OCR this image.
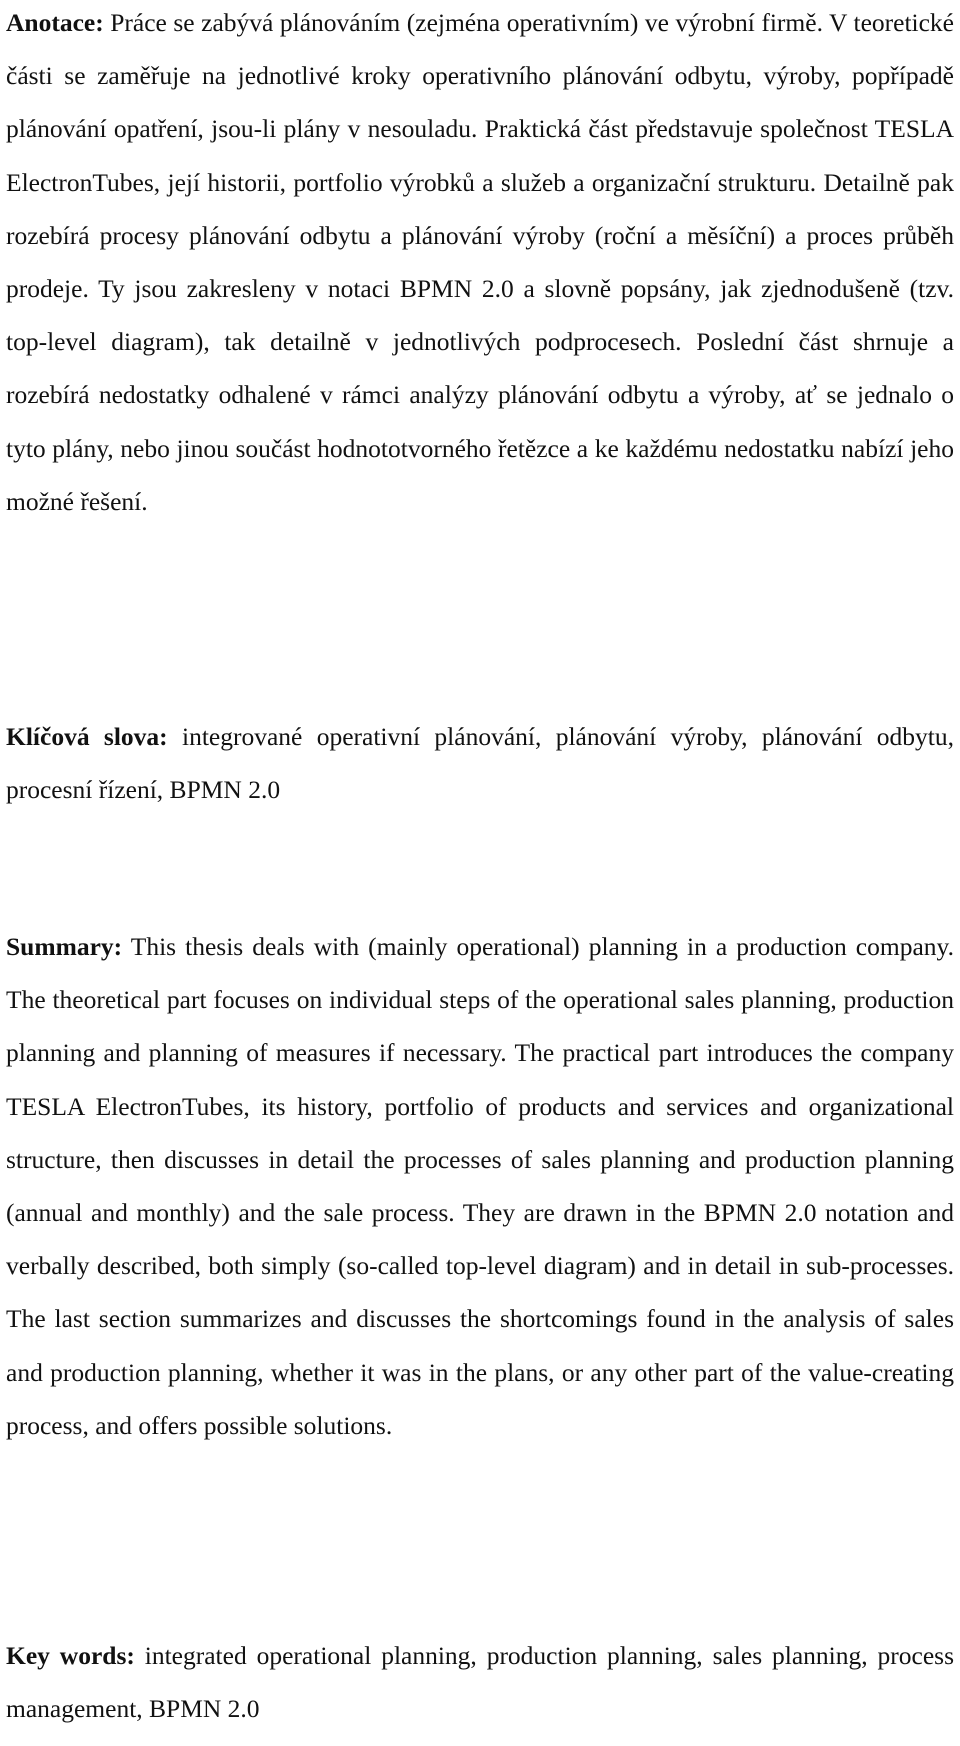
Anotace: Práce se zabývá plánováním (zejména operativním) ve výrobní firmě. V teoretické části se zaměřuje na jednotlivé kroky operativního plánování odbytu, výroby, popřípadě plánování opatření, jsou-li plány v nesouladu. Praktická část představuje společnost TESLA ElectronTubes, její historii, portfolio výrobků a služeb a organizační strukturu. Detailně pak rozebírá procesy plánování odbytu a plánování výroby (roční a měsíční) a proces průběh prodeje. Ty jsou zakresleny v notaci BPMN 2.0 a slovně popsány, jak zjednodušeně (tzv. top-level diagram), tak detailně v jednotlivých podprocesech. Poslední část shrnuje a rozebírá nedostatky odhalené v rámci analýzy plánování odbytu a výroby, ať se jednalo o tyto plány, nebo jinou součást hodnototvorného řetězce a ke každému nedostatku nabízí jeho možné řešení.

Klíčová slova: integrované operativní plánování, plánování výroby, plánování odbytu, procesní řízení, BPMN 2.0

Summary: This thesis deals with (mainly operational) planning in a production company. The theoretical part focuses on individual steps of the operational sales planning, production planning and planning of measures if necessary. The practical part introduces the company TESLA ElectronTubes, its history, portfolio of products and services and organizational structure, then discusses in detail the processes of sales planning and production planning (annual and monthly) and the sale process. They are drawn in the BPMN 2.0 notation and verbally described, both simply (so-called top-level diagram) and in detail in sub-processes. The last section summarizes and discusses the shortcomings found in the analysis of sales and production planning, whether it was in the plans, or any other part of the value-creating process, and offers possible solutions.

Key words: integrated operational planning, production planning, sales planning, process management, BPMN 2.0
